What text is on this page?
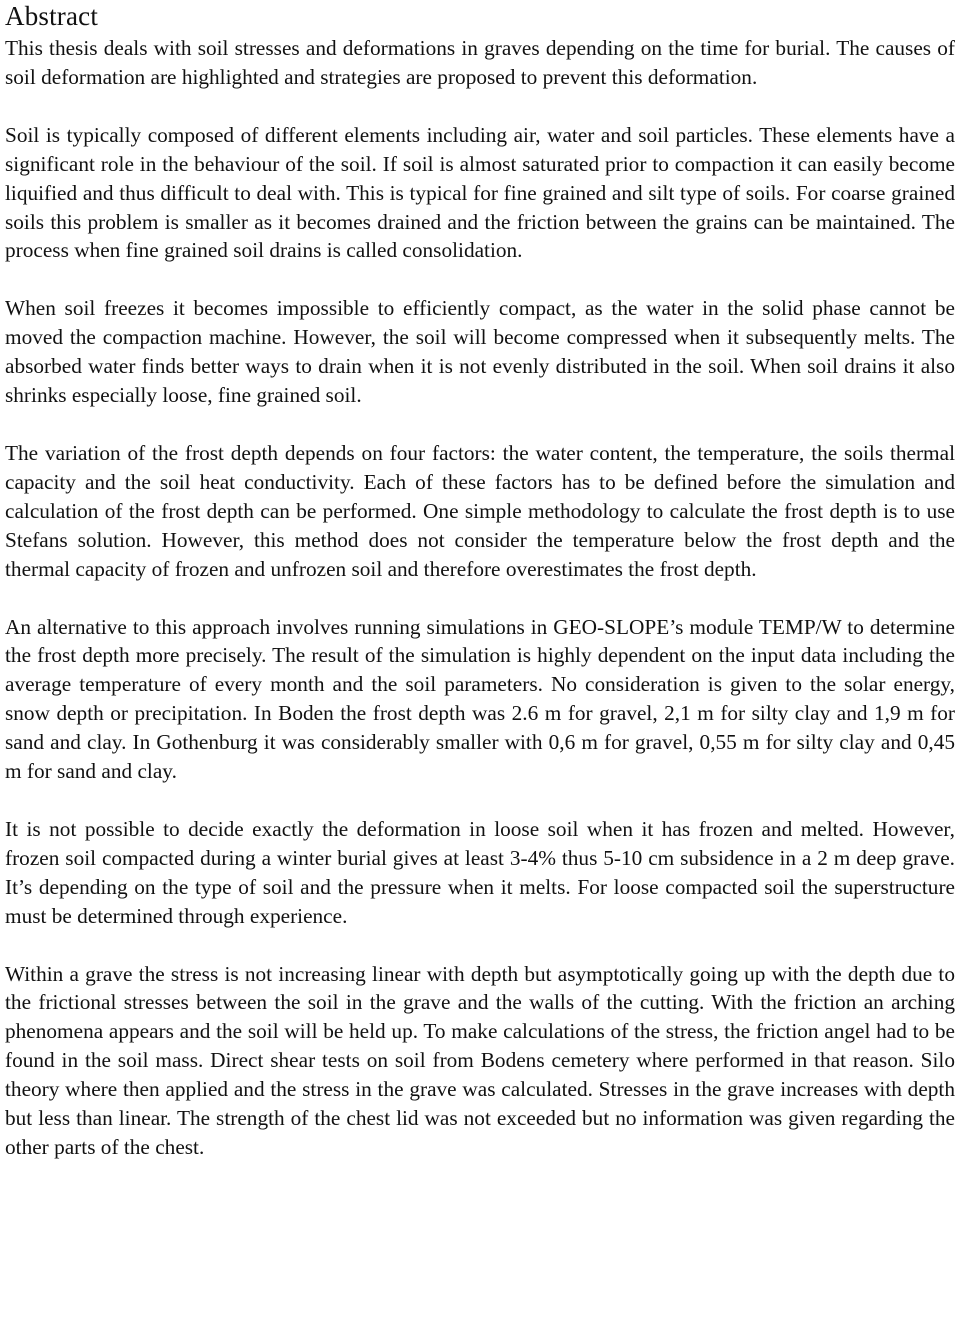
Abstract

This thesis deals with soil stresses and deformations in graves depending on the time for burial. The causes of soil deformation are highlighted and strategies are proposed to prevent this deformation.

Soil is typically composed of different elements including air, water and soil particles. These elements have a significant role in the behaviour of the soil. If soil is almost saturated prior to compaction it can easily become liquified and thus difficult to deal with. This is typical for fine grained and silt type of soils. For coarse grained soils this problem is smaller as it becomes drained and the friction between the grains can be maintained. The process when fine grained soil drains is called consolidation.

When soil freezes it becomes impossible to efficiently compact, as the water in the solid phase cannot be moved the compaction machine. However, the soil will become compressed when it subsequently melts. The absorbed water finds better ways to drain when it is not evenly distributed in the soil. When soil drains it also shrinks especially loose, fine grained soil.

The variation of the frost depth depends on four factors: the water content, the temperature, the soils thermal capacity and the soil heat conductivity. Each of these factors has to be defined before the simulation and calculation of the frost depth can be performed. One simple methodology to calculate the frost depth is to use Stefans solution. However, this method does not consider the temperature below the frost depth and the thermal capacity of frozen and unfrozen soil and therefore overestimates the frost depth.

An alternative to this approach involves running simulations in GEO-SLOPE’s module TEMP/W to determine the frost depth more precisely. The result of the simulation is highly dependent on the input data including the average temperature of every month and the soil parameters. No consideration is given to the solar energy, snow depth or precipitation. In Boden the frost depth was 2.6 m for gravel, 2,1 m for silty clay and 1,9 m for sand and clay. In Gothenburg it was considerably smaller with 0,6 m for gravel, 0,55 m for silty clay and 0,45 m for sand and clay.

It is not possible to decide exactly the deformation in loose soil when it has frozen and melted. However, frozen soil compacted during a winter burial gives at least 3-4% thus 5-10 cm subsidence in a 2 m deep grave. It’s depending on the type of soil and the pressure when it melts. For loose compacted soil the superstructure must be determined through experience.

Within a grave the stress is not increasing linear with depth but asymptotically going up with the depth due to the frictional stresses between the soil in the grave and the walls of the cutting. With the friction an arching phenomena appears and the soil will be held up. To make calculations of the stress, the friction angel had to be found in the soil mass. Direct shear tests on soil from Bodens cemetery where performed in that reason. Silo theory where then applied and the stress in the grave was calculated. Stresses in the grave increases with depth but less than linear. The strength of the chest lid was not exceeded but no information was given regarding the other parts of the chest.
